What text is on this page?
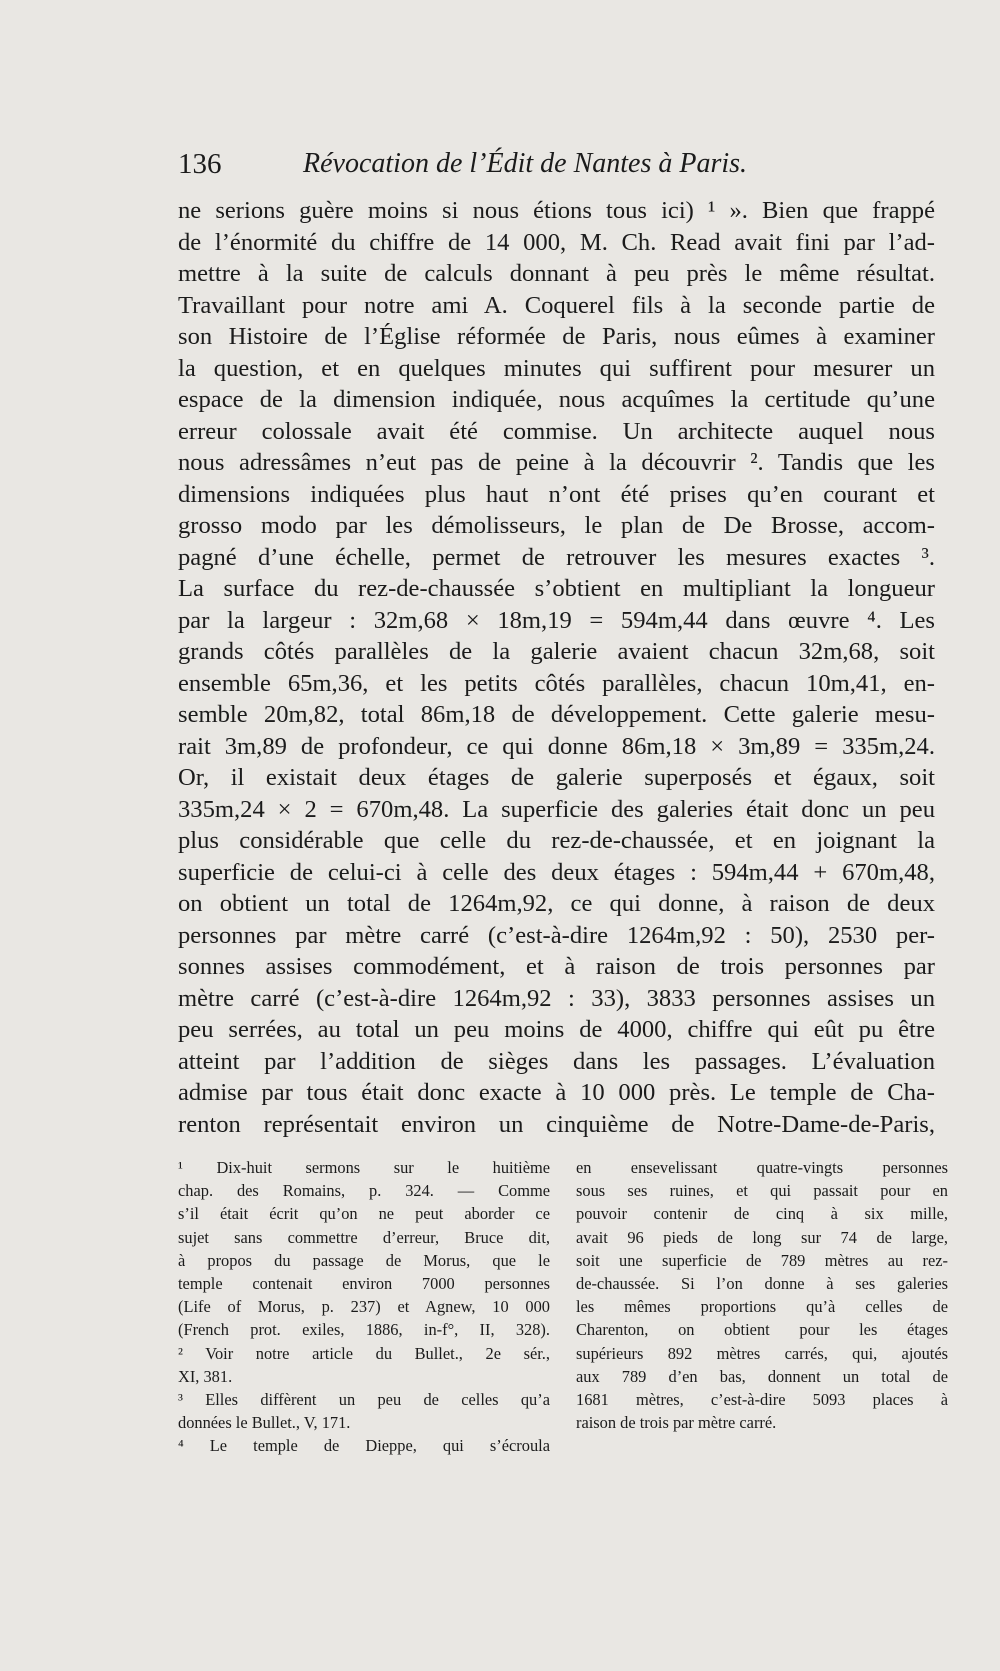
136	Révocation de l’Édit de Nantes à Paris.
ne serions guère moins si nous étions tous ici) ¹ ». Bien que frappé
de l’énormité du chiffre de 14 000, M. Ch. Read avait fini par l’ad-
mettre à la suite de calculs donnant à peu près le même résultat.
Travaillant pour notre ami A. Coquerel fils à la seconde partie de
son Histoire de l’Église réformée de Paris, nous eûmes à examiner
la question, et en quelques minutes qui suffirent pour mesurer un
espace de la dimension indiquée, nous acquîmes la certitude qu’une
erreur colossale avait été commise. Un architecte auquel nous
nous adressâmes n’eut pas de peine à la découvrir ². Tandis que les
dimensions indiquées plus haut n’ont été prises qu’en courant et
grosso modo par les démolisseurs, le plan de De Brosse, accom-
pagné d’une échelle, permet de retrouver les mesures exactes ³.
La surface du rez-de-chaussée s’obtient en multipliant la longueur
par la largeur : 32m,68 × 18m,19 = 594m,44 dans œuvre ⁴. Les
grands côtés parallèles de la galerie avaient chacun 32m,68, soit
ensemble 65m,36, et les petits côtés parallèles, chacun 10m,41, en-
semble 20m,82, total 86m,18 de développement. Cette galerie mesu-
rait 3m,89 de profondeur, ce qui donne 86m,18 × 3m,89 = 335m,24.
Or, il existait deux étages de galerie superposés et égaux, soit
335m,24 × 2 = 670m,48. La superficie des galeries était donc un peu
plus considérable que celle du rez-de-chaussée, et en joignant la
superficie de celui-ci à celle des deux étages : 594m,44 + 670m,48,
on obtient un total de 1264m,92, ce qui donne, à raison de deux
personnes par mètre carré (c’est-à-dire 1264m,92 : 50), 2530 per-
sonnes assises commodément, et à raison de trois personnes par
mètre carré (c’est-à-dire 1264m,92 : 33), 3833 personnes assises un
peu serrées, au total un peu moins de 4000, chiffre qui eût pu être
atteint par l’addition de sièges dans les passages. L’évaluation
admise par tous était donc exacte à 10 000 près. Le temple de Cha-
renton représentait environ un cinquième de Notre-Dame-de-Paris,
¹ Dix-huit sermons sur le huitième
chap. des Romains, p. 324. — Comme
s’il était écrit qu’on ne peut aborder ce
sujet sans commettre d’erreur, Bruce dit,
à propos du passage de Morus, que le
temple contenait environ 7000 personnes
(Life of Morus, p. 237) et Agnew, 10 000
(French prot. exiles, 1886, in-f°, II, 328).
² Voir notre article du Bullet., 2e sér.,
XI, 381.
³ Elles diffèrent un peu de celles qu’a
données le Bullet., V, 171.
⁴ Le temple de Dieppe, qui s’écroula
en ensevelissant quatre-vingts personnes
sous ses ruines, et qui passait pour en
pouvoir contenir de cinq à six mille,
avait 96 pieds de long sur 74 de large,
soit une superficie de 789 mètres au rez-
de-chaussée. Si l’on donne à ses galeries
les mêmes proportions qu’à celles de
Charenton, on obtient pour les étages
supérieurs 892 mètres carrés, qui, ajoutés
aux 789 d’en bas, donnent un total de
1681 mètres, c’est-à-dire 5093 places à
raison de trois par mètre carré.
